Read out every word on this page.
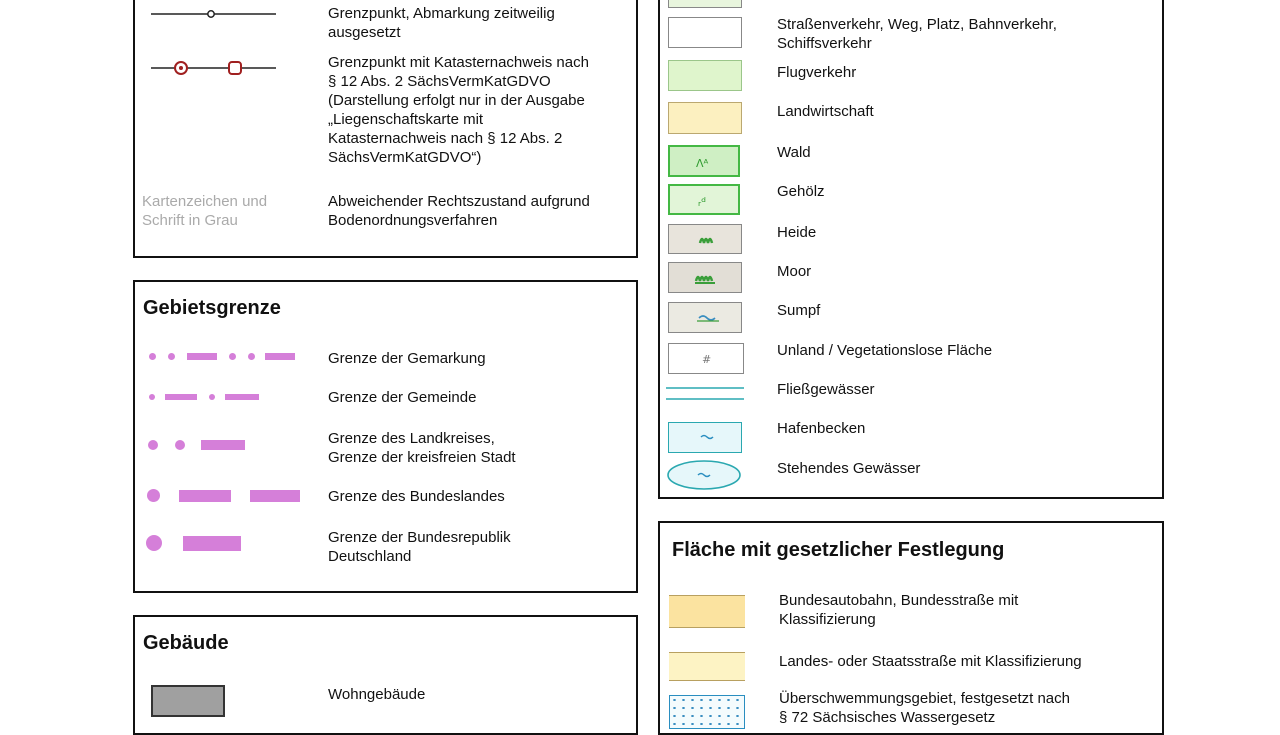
Grenzpunkt, Abmarkung zeitweilig
ausgesetzt
Grenzpunkt mit Katasternachweis nach
§ 12 Abs. 2 SächsVermKatGDVO
(Darstellung erfolgt nur in der Ausgabe
„Liegenschaftskarte mit
Katasternachweis nach § 12 Abs. 2
SächsVermKatGDVO“)
Kartenzeichen und
Schrift in Grau
Abweichender Rechtszustand aufgrund
Bodenordnungsverfahren
Gebietsgrenze
Grenze der Gemarkung
Grenze der Gemeinde
Grenze des Landkreises,
Grenze der kreisfreien Stadt
Grenze des Bundeslandes
Grenze der Bundesrepublik
Deutschland
Gebäude
Wohngebäude
Straßenverkehr, Weg, Platz, Bahnverkehr,
Schiffsverkehr
Flugverkehr
Landwirtschaft
Λᴬ
Wald
ᵣᵈ
Gehölz
Heide
Moor
Sumpf
#
Unland / Vegetationslose Fläche
Fließgewässer
Hafenbecken
Stehendes Gewässer
Fläche mit gesetzlicher Festlegung
Bundesautobahn, Bundesstraße mit
Klassifizierung
Landes- oder Staatsstraße mit Klassifizierung
Überschwemmungsgebiet, festgesetzt nach
§ 72 Sächsisches Wassergesetz
